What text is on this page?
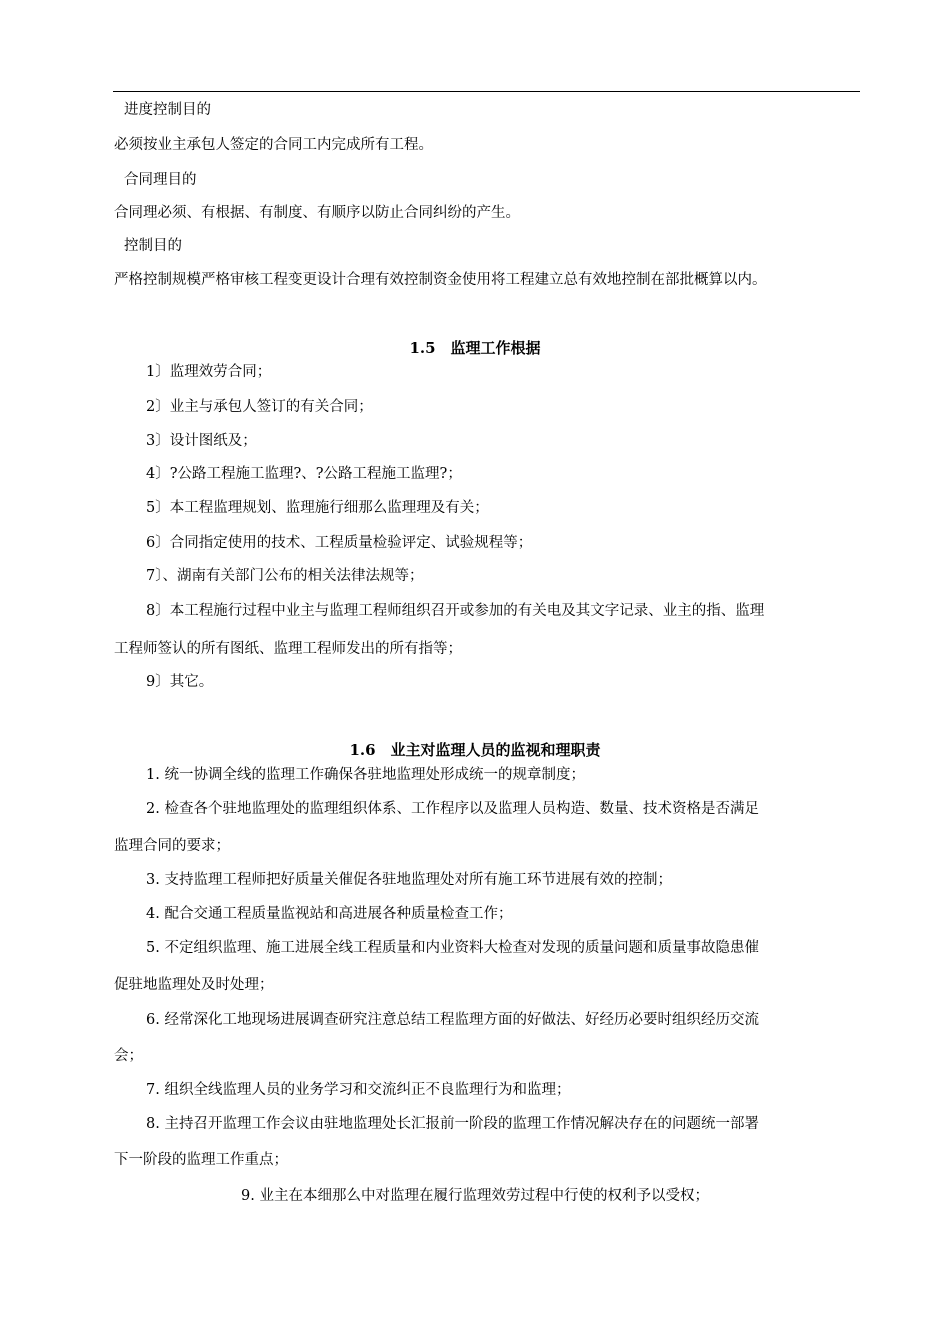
进度控制目的
必须按业主承包人签定的合同工内完成所有工程。
合同理目的
合同理必须、有根据、有制度、有顺序以防止合同纠纷的产生。
控制目的
严格控制规模严格审核工程变更设计合理有效控制资金使用将工程建立总有效地控制在部批概算以内。
1.5　监理工作根据
1〕监理效劳合同；
2〕业主与承包人签订的有关合同；
3〕设计图纸及；
4〕?公路工程施工监理?、?公路工程施工监理?；
5〕本工程监理规划、监理施行细那么监理理及有关；
6〕合同指定使用的技术、工程质量检验评定、试验规程等；
7〕、湖南有关部门公布的相关法律法规等；
8〕本工程施行过程中业主与监理工程师组织召开或参加的有关电及其文字记录、业主的指、监理
工程师签认的所有图纸、监理工程师发出的所有指等；
9〕其它。
1.6　业主对监理人员的监视和理职责
1. 统一协调全线的监理工作确保各驻地监理处形成统一的规章制度；
2. 检查各个驻地监理处的监理组织体系、工作程序以及监理人员构造、数量、技术资格是否满足
监理合同的要求；
3. 支持监理工程师把好质量关催促各驻地监理处对所有施工环节进展有效的控制；
4. 配合交通工程质量监视站和高进展各种质量检查工作；
5. 不定组织监理、施工进展全线工程质量和内业资料大检查对发现的质量问题和质量事故隐患催
促驻地监理处及时处理；
6. 经常深化工地现场进展调查研究注意总结工程监理方面的好做法、好经历必要时组织经历交流
会；
7. 组织全线监理人员的业务学习和交流纠正不良监理行为和监理；
8. 主持召开监理工作会议由驻地监理处长汇报前一阶段的监理工作情况解决存在的问题统一部署
下一阶段的监理工作重点；
9. 业主在本细那么中对监理在履行监理效劳过程中行使的权利予以受权；
